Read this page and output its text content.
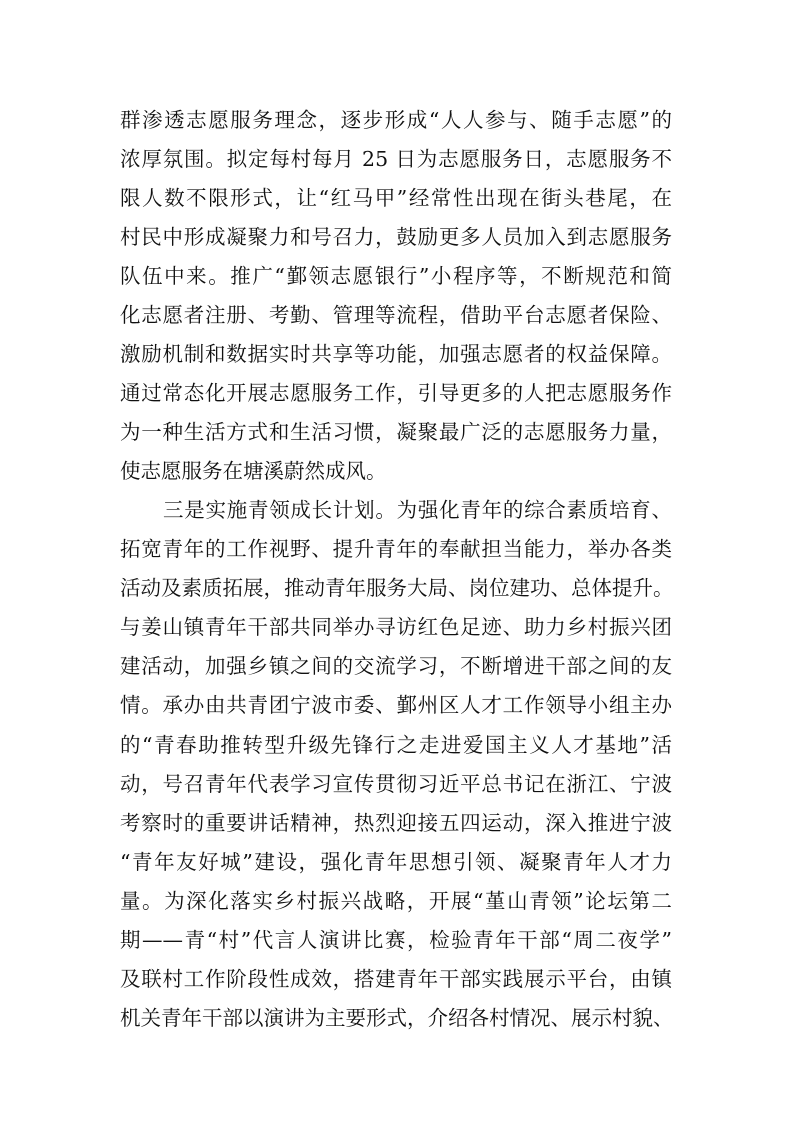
群渗透志愿服务理念，逐步形成“人人参与、随手志愿”的
浓厚氛围。拟定每村每月 25 日为志愿服务日，志愿服务不
限人数不限形式，让“红马甲”经常性出现在街头巷尾，在
村民中形成凝聚力和号召力，鼓励更多人员加入到志愿服务
队伍中来。推广“鄞领志愿银行”小程序等，不断规范和简
化志愿者注册、考勤、管理等流程，借助平台志愿者保险、
激励机制和数据实时共享等功能，加强志愿者的权益保障。
通过常态化开展志愿服务工作，引导更多的人把志愿服务作
为一种生活方式和生活习惯，凝聚最广泛的志愿服务力量，
使志愿服务在塘溪蔚然成风。
三是实施青领成长计划。为强化青年的综合素质培育、
拓宽青年的工作视野、提升青年的奉献担当能力，举办各类
活动及素质拓展，推动青年服务大局、岗位建功、总体提升。
与姜山镇青年干部共同举办寻访红色足迹、助力乡村振兴团
建活动，加强乡镇之间的交流学习，不断增进干部之间的友
情。承办由共青团宁波市委、鄞州区人才工作领导小组主办
的“青春助推转型升级先锋行之走进爱国主义人才基地”活
动，号召青年代表学习宣传贯彻习近平总书记在浙江、宁波
考察时的重要讲话精神，热烈迎接五四运动，深入推进宁波
“青年友好城”建设，强化青年思想引领、凝聚青年人才力
量。为深化落实乡村振兴战略，开展“堇山青领”论坛第二
期——青“村”代言人演讲比赛，检验青年干部“周二夜学”
及联村工作阶段性成效，搭建青年干部实践展示平台，由镇
机关青年干部以演讲为主要形式，介绍各村情况、展示村貌、
